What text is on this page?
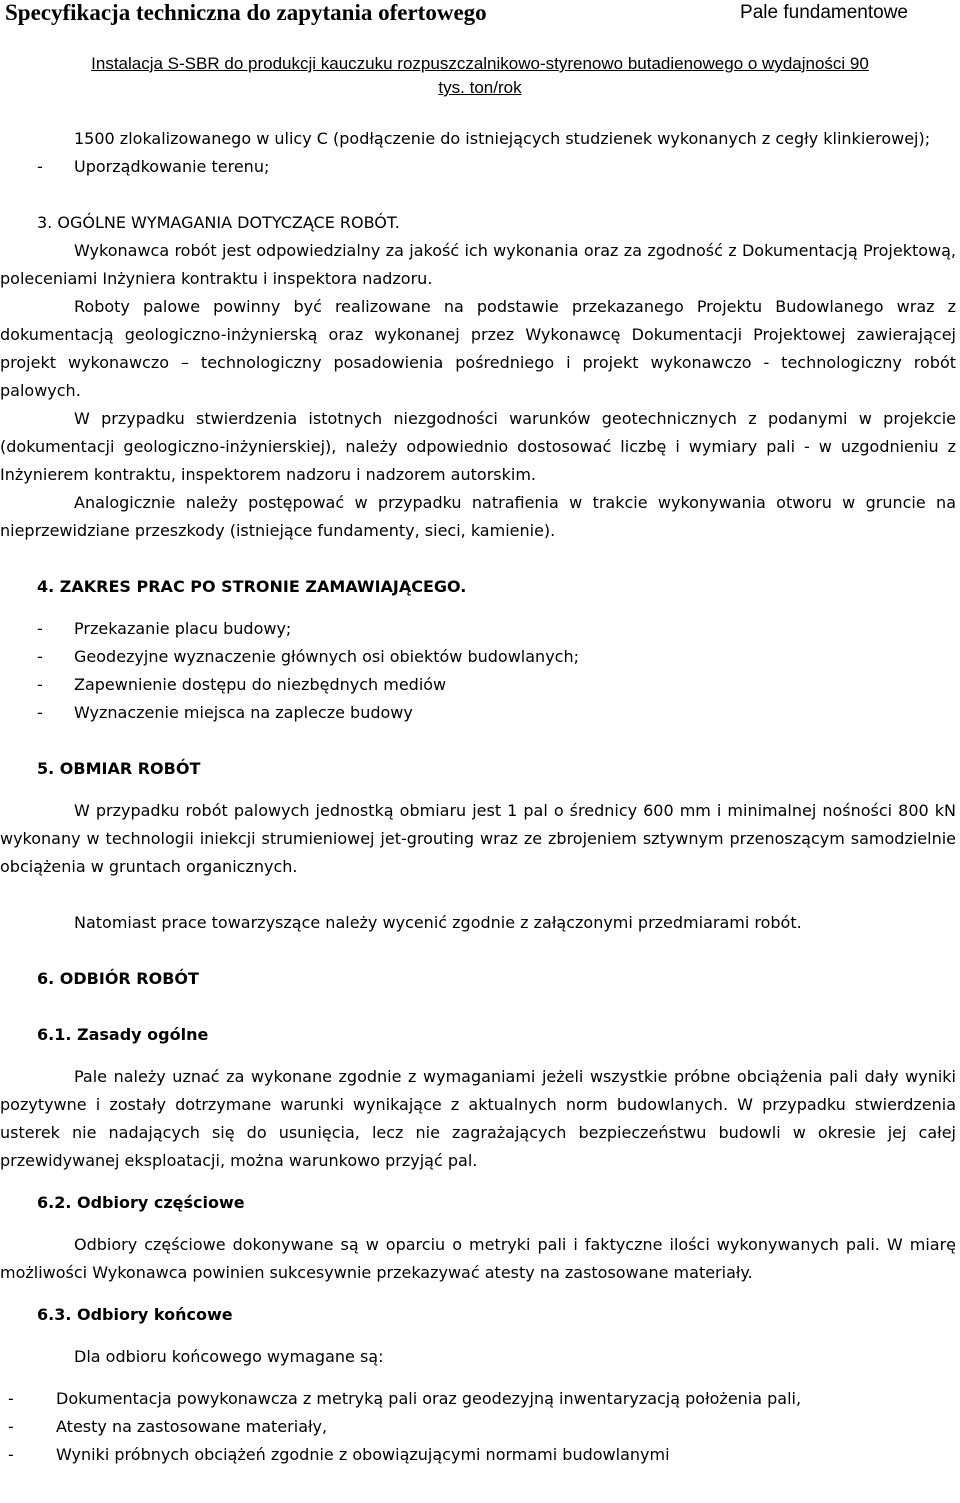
Specyfikacja techniczna do zapytania ofertowego	Pale fundamentowe
Instalacja S-SBR do produkcji kauczuku rozpuszczalnikowo-styrenowo butadienowego o wydajności 90
tys. ton/rok

1500 zlokalizowanego w ulicy C (podłączenie do istniejących studzienek wykonanych z cegły klinkierowej);

- Uporządkowanie terenu;

3. OGÓLNE WYMAGANIA DOTYCZĄCE ROBÓT.

Wykonawca robót jest odpowiedzialny za jakość ich wykonania oraz za zgodność z Dokumentacją Projektową, poleceniami Inżyniera kontraktu i inspektora nadzoru.

Roboty palowe powinny być realizowane na podstawie przekazanego Projektu Budowlanego wraz z dokumentacją geologiczno-inżynierską oraz wykonanej przez Wykonawcę Dokumentacji Projektowej zawierającej projekt wykonawczo – technologiczny posadowienia pośredniego i projekt wykonawczo - technologiczny robót palowych.

W przypadku stwierdzenia istotnych niezgodności warunków geotechnicznych z podanymi w projekcie (dokumentacji geologiczno-inżynierskiej), należy odpowiednio dostosować liczbę i wymiary pali - w uzgodnieniu z Inżynierem kontraktu, inspektorem nadzoru i nadzorem autorskim.

Analogicznie należy postępować w przypadku natrafienia w trakcie wykonywania otworu w gruncie na nieprzewidziane przeszkody (istniejące fundamenty, sieci, kamienie).

4. ZAKRES PRAC PO STRONIE ZAMAWIAJĄCEGO.

- Przekazanie placu budowy;

- Geodezyjne wyznaczenie głównych osi obiektów budowlanych;

- Zapewnienie dostępu do niezbędnych mediów

- Wyznaczenie miejsca na zaplecze budowy

5. OBMIAR ROBÓT

W przypadku robót palowych jednostką obmiaru jest 1 pal o średnicy 600 mm i minimalnej nośności 800 kN wykonany w technologii iniekcji strumieniowej jet-grouting wraz ze zbrojeniem sztywnym przenoszącym samodzielnie obciążenia w gruntach organicznych.

Natomiast prace towarzyszące należy wycenić zgodnie z załączonymi przedmiarami robót.

6. ODBIÓR ROBÓT

6.1. Zasady ogólne

Pale należy uznać za wykonane zgodnie z wymaganiami jeżeli wszystkie próbne obciążenia pali dały wyniki pozytywne i zostały dotrzymane warunki wynikające z aktualnych norm budowlanych. W przypadku stwierdzenia usterek nie nadających się do usunięcia, lecz nie zagrażających bezpieczeństwu budowli w okresie jej całej przewidywanej eksploatacji, można warunkowo przyjąć pal.

6.2. Odbiory częściowe

Odbiory częściowe dokonywane są w oparciu o metryki pali i faktyczne ilości wykonywanych pali. W miarę możliwości Wykonawca powinien sukcesywnie przekazywać atesty na zastosowane materiały.

6.3. Odbiory końcowe

Dla odbioru końcowego wymagane są:

-	Dokumentacja powykonawcza z metryką pali oraz geodezyjną inwentaryzacją położenia pali,

-	Atesty na zastosowane materiały,

-	Wyniki próbnych obciążeń zgodnie z obowiązującymi normami budowlanymi
